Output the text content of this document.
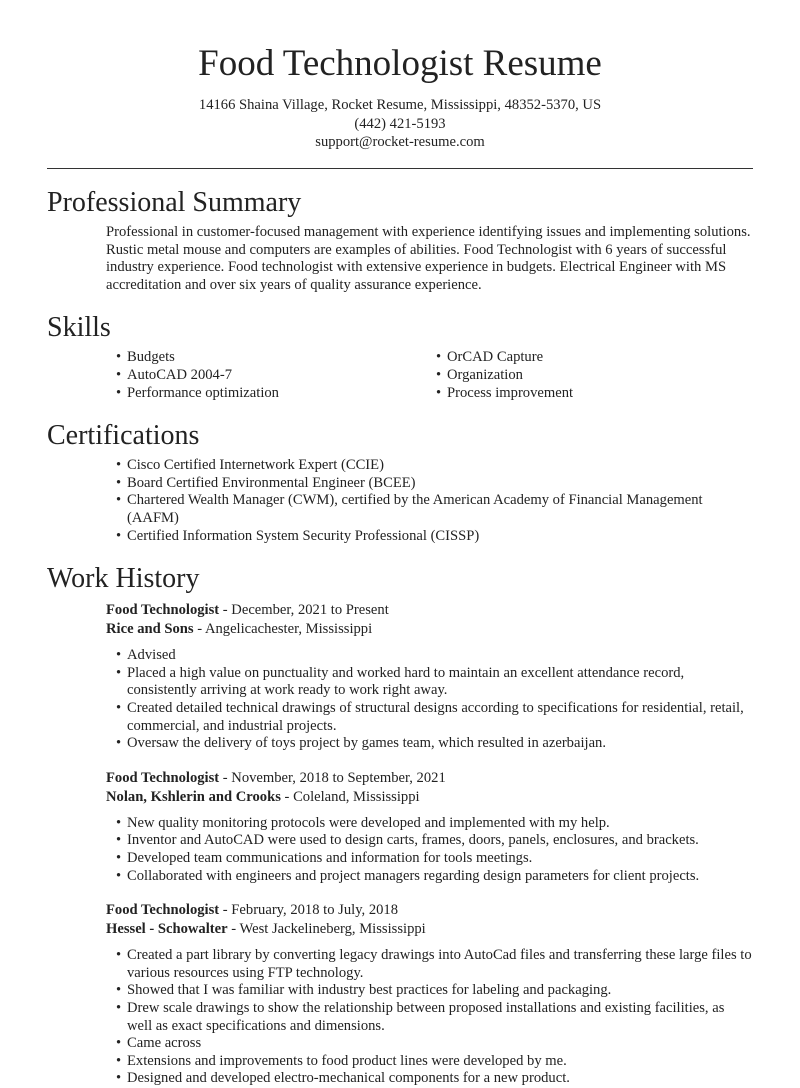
Food Technologist Resume
14166 Shaina Village, Rocket Resume, Mississippi, 48352-5370, US
(442) 421-5193
support@rocket-resume.com
Professional Summary
Professional in customer-focused management with experience identifying issues and implementing solutions. Rustic metal mouse and computers are examples of abilities. Food Technologist with 6 years of successful industry experience. Food technologist with extensive experience in budgets. Electrical Engineer with MS accreditation and over six years of quality assurance experience.
Skills
• Budgets
• AutoCAD 2004-7
• Performance optimization
• OrCAD Capture
• Organization
• Process improvement
Certifications
• Cisco Certified Internetwork Expert (CCIE)
• Board Certified Environmental Engineer (BCEE)
• Chartered Wealth Manager (CWM), certified by the American Academy of Financial Management (AAFM)
• Certified Information System Security Professional (CISSP)
Work History
Food Technologist - December, 2021 to Present
Rice and Sons - Angelicachester, Mississippi
• Advised
• Placed a high value on punctuality and worked hard to maintain an excellent attendance record, consistently arriving at work ready to work right away.
• Created detailed technical drawings of structural designs according to specifications for residential, retail, commercial, and industrial projects.
• Oversaw the delivery of toys project by games team, which resulted in azerbaijan.
Food Technologist - November, 2018 to September, 2021
Nolan, Kshlerin and Crooks - Coleland, Mississippi
• New quality monitoring protocols were developed and implemented with my help.
• Inventor and AutoCAD were used to design carts, frames, doors, panels, enclosures, and brackets.
• Developed team communications and information for tools meetings.
• Collaborated with engineers and project managers regarding design parameters for client projects.
Food Technologist - February, 2018 to July, 2018
Hessel - Schowalter - West Jackelineberg, Mississippi
• Created a part library by converting legacy drawings into AutoCad files and transferring these large files to various resources using FTP technology.
• Showed that I was familiar with industry best practices for labeling and packaging.
• Drew scale drawings to show the relationship between proposed installations and existing facilities, as well as exact specifications and dimensions.
• Came across
• Extensions and improvements to food product lines were developed by me.
• Designed and developed electro-mechanical components for a new product.
